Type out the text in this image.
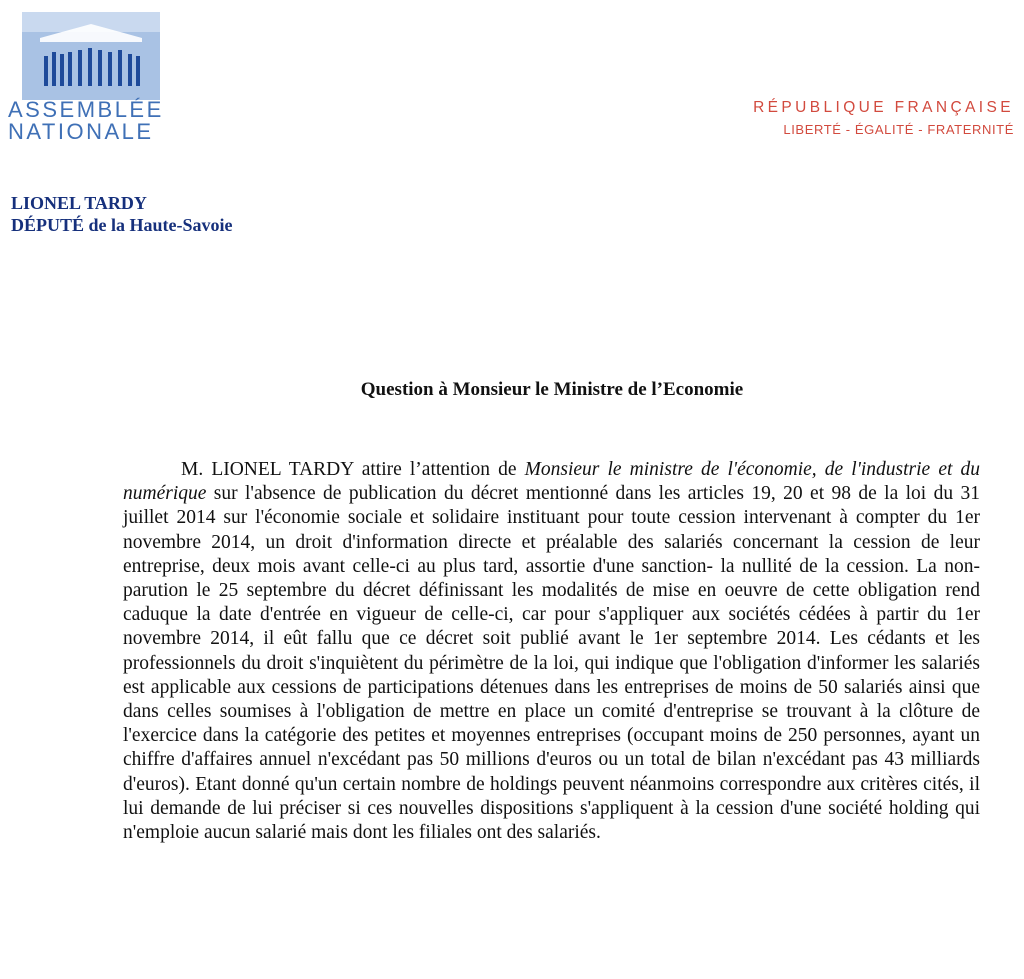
ASSEMBLÉE
NATIONALE
RÉPUBLIQUE FRANÇAISE
LIBERTÉ - ÉGALITÉ - FRATERNITÉ
LIONEL TARDY
DÉPUTÉ de la Haute-Savoie
Question à Monsieur le Ministre de l’Economie

M. LIONEL TARDY attire l’attention de Monsieur le ministre de l'économie, de l'industrie et du numérique sur l'absence de publication du décret mentionné dans les articles 19, 20 et 98 de la loi du 31 juillet 2014 sur l'économie sociale et solidaire instituant pour toute cession intervenant à compter du 1er novembre 2014, un droit d'information directe et préalable des salariés concernant la cession de leur entreprise, deux mois avant celle-ci au plus tard, assortie d'une sanction- la nullité de la cession. La non-parution le 25 septembre du décret définissant les modalités de mise en oeuvre de cette obligation rend caduque la date d'entrée en vigueur de celle-ci, car pour s'appliquer aux sociétés cédées à partir du 1er novembre 2014, il eût fallu que ce décret soit publié avant le 1er septembre 2014. Les cédants et les professionnels du droit s'inquiètent du périmètre de la loi, qui indique que l'obligation d'informer les salariés est applicable aux cessions de participations détenues dans les entreprises de moins de 50 salariés ainsi que dans celles soumises à l'obligation de mettre en place un comité d'entreprise se trouvant à la clôture de l'exercice dans la catégorie des petites et moyennes entreprises (occupant moins de 250 personnes, ayant un chiffre d'affaires annuel n'excédant pas 50 millions d'euros ou un total de bilan n'excédant pas 43 milliards d'euros). Etant donné qu'un certain nombre de holdings peuvent néanmoins correspondre aux critères cités, il lui demande de lui préciser si ces nouvelles dispositions s'appliquent à la cession d'une société holding qui n'emploie aucun salarié mais dont les filiales ont des salariés.
